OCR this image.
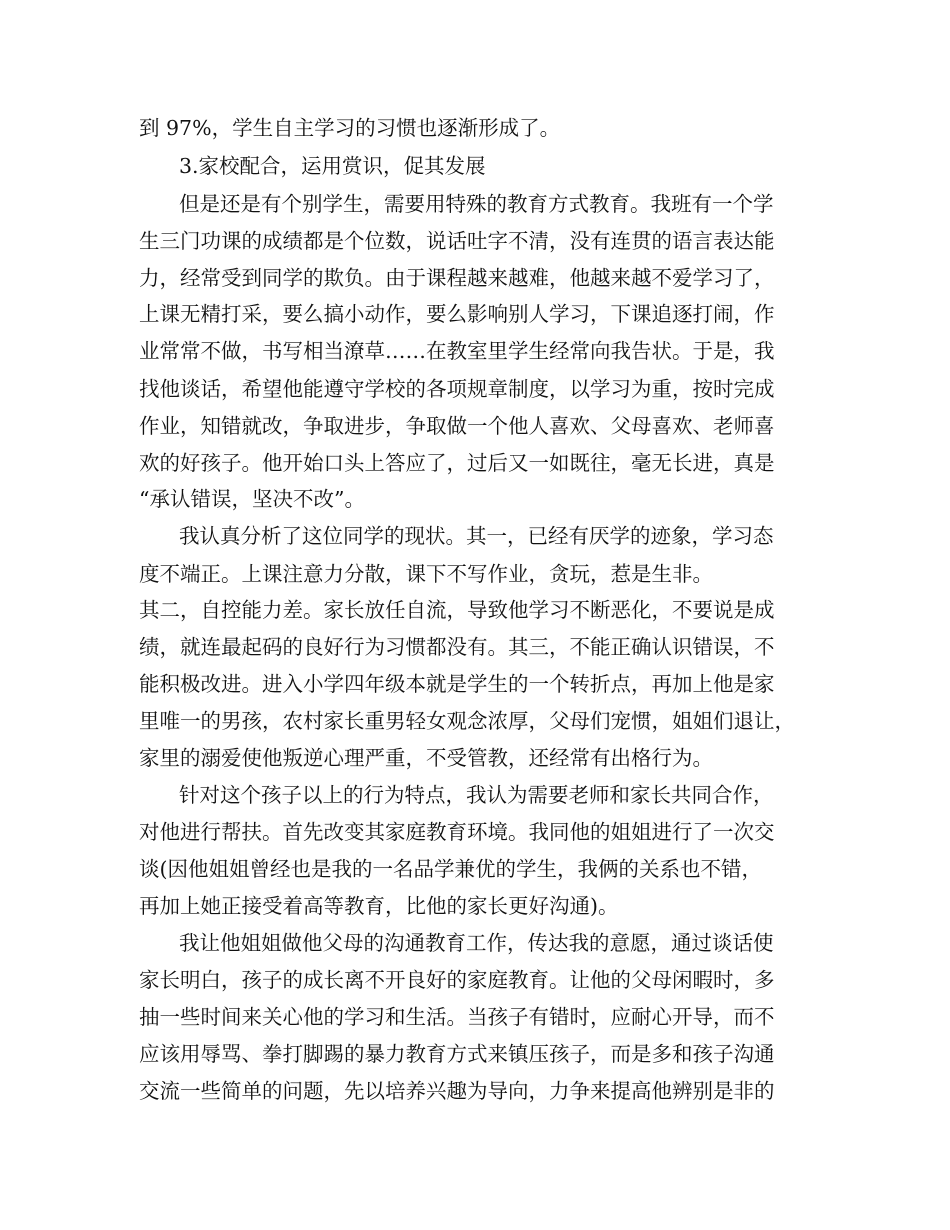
到 97%，学生自主学习的习惯也逐渐形成了。
3.家校配合，运用赏识，促其发展
但是还是有个别学生，需要用特殊的教育方式教育。我班有一个学
生三门功课的成绩都是个位数，说话吐字不清，没有连贯的语言表达能
力，经常受到同学的欺负。由于课程越来越难，他越来越不爱学习了，
上课无精打采，要么搞小动作，要么影响别人学习，下课追逐打闹，作
业常常不做，书写相当潦草……在教室里学生经常向我告状。于是，我
找他谈话，希望他能遵守学校的各项规章制度，以学习为重，按时完成
作业，知错就改，争取进步，争取做一个他人喜欢、父母喜欢、老师喜
欢的好孩子。他开始口头上答应了，过后又一如既往，毫无长进，真是
“承认错误，坚决不改”。
我认真分析了这位同学的现状。其一，已经有厌学的迹象，学习态
度不端正。上课注意力分散，课下不写作业，贪玩，惹是生非。
其二，自控能力差。家长放任自流，导致他学习不断恶化，不要说是成
绩，就连最起码的良好行为习惯都没有。其三，不能正确认识错误，不
能积极改进。进入小学四年级本就是学生的一个转折点，再加上他是家
里唯一的男孩，农村家长重男轻女观念浓厚，父母们宠惯，姐姐们退让，
家里的溺爱使他叛逆心理严重，不受管教，还经常有出格行为。
针对这个孩子以上的行为特点，我认为需要老师和家长共同合作，
对他进行帮扶。首先改变其家庭教育环境。我同他的姐姐进行了一次交
谈(因他姐姐曾经也是我的一名品学兼优的学生，我俩的关系也不错，
再加上她正接受着高等教育，比他的家长更好沟通)。
我让他姐姐做他父母的沟通教育工作，传达我的意愿，通过谈话使
家长明白，孩子的成长离不开良好的家庭教育。让他的父母闲暇时，多
抽一些时间来关心他的学习和生活。当孩子有错时，应耐心开导，而不
应该用辱骂、拳打脚踢的暴力教育方式来镇压孩子，而是多和孩子沟通
交流一些简单的问题，先以培养兴趣为导向，力争来提高他辨别是非的
